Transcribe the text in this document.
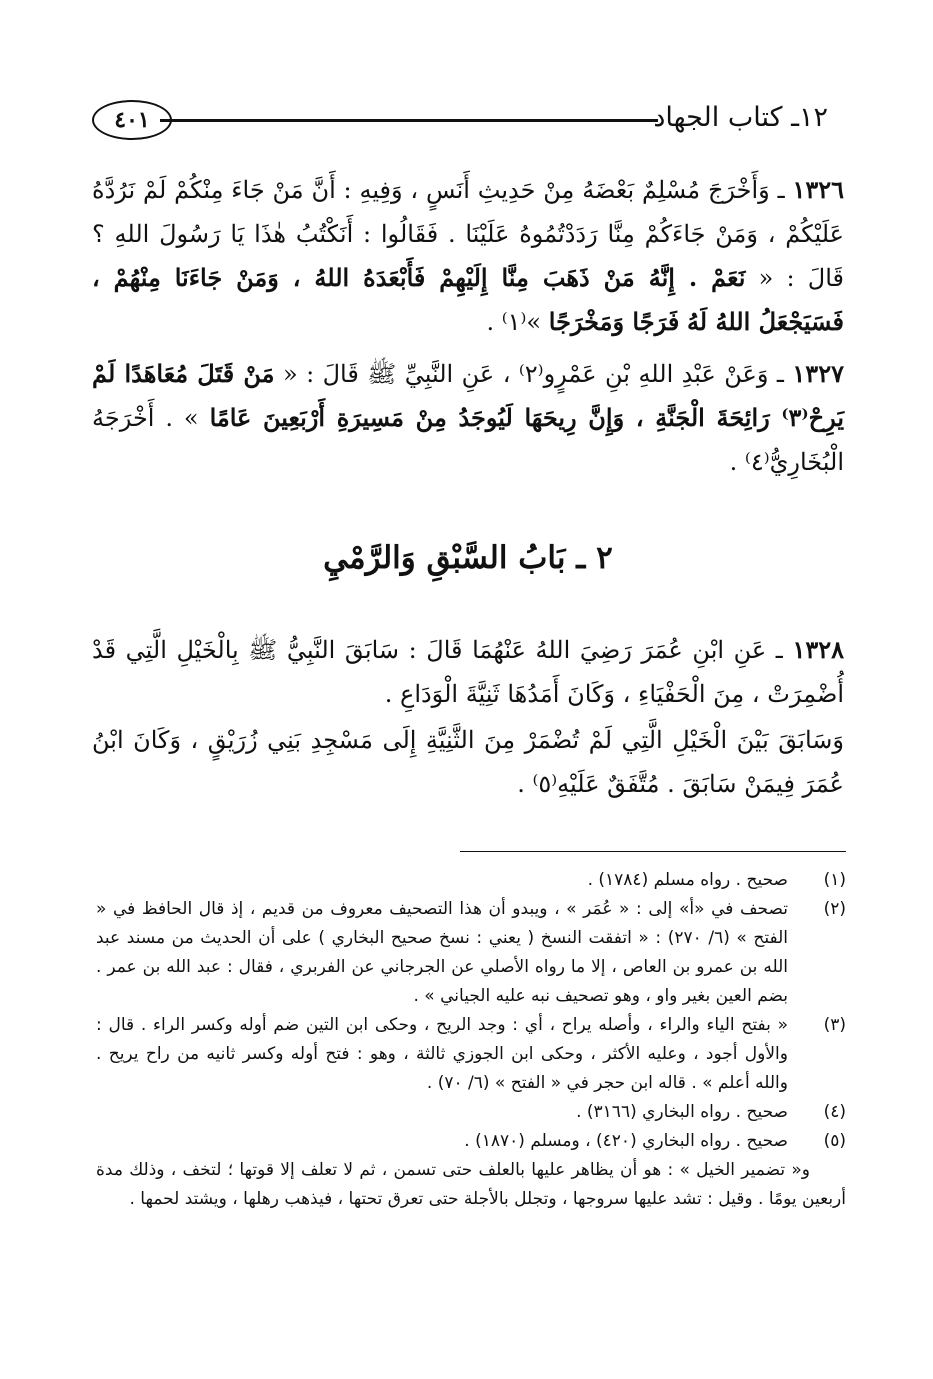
١٢ـ كتاب الجهاد
٤٠١
١٣٢٦ ـ وَأَخْرَجَ مُسْلِمٌ بَعْضَهُ مِنْ حَدِيثِ أَنَسٍ ، وَفِيهِ : أَنَّ مَنْ جَاءَ مِنْكُمْ لَمْ نَرُدَّهُ عَلَيْكُمْ ، وَمَنْ جَاءَكُمْ مِنَّا رَدَدْتُمُوهُ عَلَيْنَا . فَقَالُوا : أَنَكْتُبُ هٰذَا يَا رَسُولَ اللهِ ؟ قَالَ : « نَعَمْ . إِنَّهُ مَنْ ذَهَبَ مِنَّا إِلَيْهِمْ فَأَبْعَدَهُ اللهُ ، وَمَنْ جَاءَنَا مِنْهُمْ ، فَسَيَجْعَلُ اللهُ لَهُ فَرَجًا وَمَخْرَجًا »⁽١⁾ .
١٣٢٧ ـ وَعَنْ عَبْدِ اللهِ بْنِ عَمْرٍو⁽٢⁾ ، عَنِ النَّبِيِّ ﷺ قَالَ : « مَنْ قَتَلَ مُعَاهَدًا لَمْ يَرِحْ⁽٣⁾ رَائِحَةَ الْجَنَّةِ ، وَإِنَّ رِيحَهَا لَيُوجَدُ مِنْ مَسِيرَةِ أَرْبَعِينَ عَامًا » . أَخْرَجَهُ الْبُخَارِيُّ⁽٤⁾ .
٢ ـ بَابُ السَّبْقِ وَالرَّمْيِ
١٣٢٨ ـ عَنِ ابْنِ عُمَرَ رَضِيَ اللهُ عَنْهُمَا قَالَ : سَابَقَ النَّبِيُّ ﷺ بِالْخَيْلِ الَّتِي قَدْ أُضْمِرَتْ ، مِنَ الْحَفْيَاءِ ، وَكَانَ أَمَدُهَا ثَنِيَّةَ الْوَدَاعِ .
وَسَابَقَ بَيْنَ الْخَيْلِ الَّتِي لَمْ تُضْمَرْ مِنَ الثَّنِيَّةِ إِلَى مَسْجِدِ بَنِي زُرَيْقٍ ، وَكَانَ ابْنُ عُمَرَ فِيمَنْ سَابَقَ . مُتَّفَقٌ عَلَيْهِ⁽٥⁾ .
(١)
صحيح . رواه مسلم (١٧٨٤) .
(٢)
تصحف في «أ» إلى : « عُمَر » ، ويبدو أن هذا التصحيف معروف من قديم ، إذ قال الحافظ في « الفتح » (٦/ ٢٧٠) : « اتفقت النسخ ( يعني : نسخ صحيح البخاري ) على أن الحديث من مسند عبد الله بن عمرو بن العاص ، إلا ما رواه الأصلي عن الجرجاني عن الفربري ، فقال : عبد الله بن عمر . بضم العين بغير واو ، وهو تصحيف نبه عليه الجياني » .
(٣)
« بفتح الياء والراء ، وأصله يراح ، أي : وجد الريح ، وحكى ابن التين ضم أوله وكسر الراء . قال : والأول أجود ، وعليه الأكثر ، وحكى ابن الجوزي ثالثة ، وهو : فتح أوله وكسر ثانيه من راح يريح . والله أعلم » . قاله ابن حجر في « الفتح » (٦/ ٧٠) .
(٤)
صحيح . رواه البخاري (٣١٦٦) .
(٥)
صحيح . رواه البخاري (٤٢٠) ، ومسلم (١٨٧٠) .
و« تضمير الخيل » : هو أن يظاهر عليها بالعلف حتى تسمن ، ثم لا تعلف إلا قوتها ؛ لتخف ، وذلك مدة أربعين يومًا . وقيل : تشد عليها سروجها ، وتجلل بالأجلة حتى تعرق تحتها ، فيذهب رهلها ، ويشتد لحمها .
